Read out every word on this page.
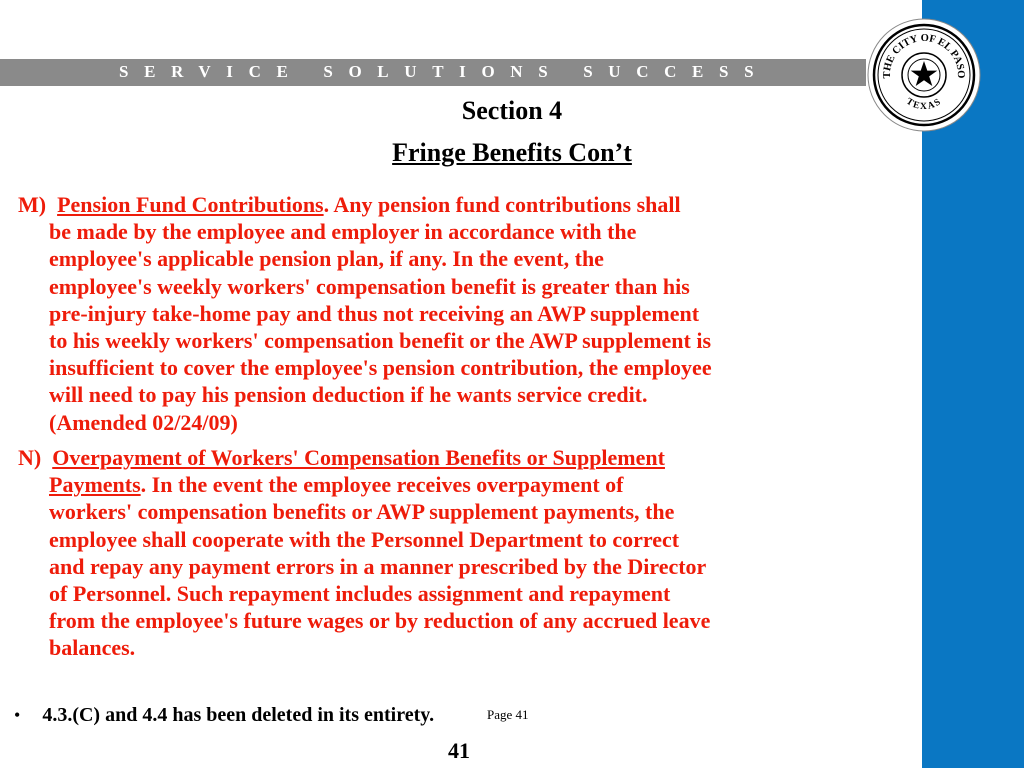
SERVICE SOLUTIONS SUCCESS	THE CITY OF EL PASO
TEXAS
Section 4
Fringe Benefits Con’t
M) Pension Fund Contributions. Any pension fund contributions shall
be made by the employee and employer in accordance with the
employee's applicable pension plan, if any. In the event, the
employee's weekly workers' compensation benefit is greater than his
pre-injury take-home pay and thus not receiving an AWP supplement
to his weekly workers' compensation benefit or the AWP supplement is
insufficient to cover the employee's pension contribution, the employee
will need to pay his pension deduction if he wants service credit.
(Amended 02/24/09)
N) Overpayment of Workers' Compensation Benefits or Supplement
Payments. In the event the employee receives overpayment of
workers' compensation benefits or AWP supplement payments, the
employee shall cooperate with the Personnel Department to correct
and repay any payment errors in a manner prescribed by the Director
of Personnel. Such repayment includes assignment and repayment
from the employee's future wages or by reduction of any accrued leave
balances.
• 4.3.(C) and 4.4 has been deleted in its entirety.	Page 41
41
